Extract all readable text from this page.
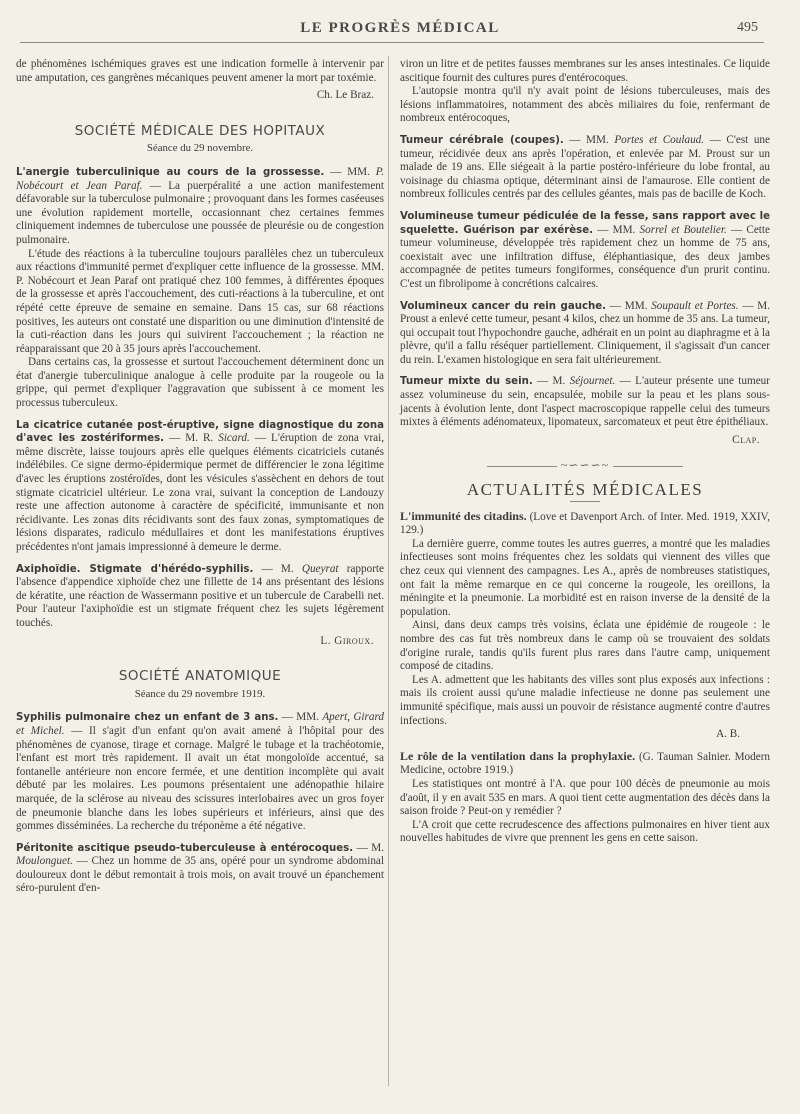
LE PROGRÈS MÉDICAL	495

de phénomènes ischémiques graves est une indication formelle à intervenir par une amputation, ces gangrènes mécaniques peuvent amener la mort par toxémie.

Ch. Le Braz.
SOCIÉTÉ MÉDICALE DES HOPITAUX
Séance du 29 novembre.

L'anergie tuberculinique au cours de la grossesse. — MM. P. Nobécourt et Jean Paraf. — La puerpéralité a une action manifestement défavorable sur la tuberculose pulmonaire ; provoquant dans les formes caséeuses une évolution rapidement mortelle, occasionnant chez certaines femmes cliniquement indemnes de tuberculose une poussée de pleurésie ou de congestion pulmonaire.

L'étude des réactions à la tuberculine toujours parallèles chez un tuberculeux aux réactions d'immunité permet d'expliquer cette influence de la grossesse. MM. P. Nobécourt et Jean Paraf ont pratiqué chez 100 femmes, à différentes époques de la grossesse et après l'accouchement, des cuti-réactions à la tuberculine, et ont répété cette épreuve de semaine en semaine. Dans 15 cas, sur 68 réactions positives, les auteurs ont constaté une disparition ou une diminution d'intensité de la cuti-réaction dans les jours qui suivirent l'accouchement ; la réaction ne réapparaissant que 20 à 35 jours après l'accouchement.

Dans certains cas, la grossesse et surtout l'accouchement déterminent donc un état d'anergie tuberculinique analogue à celle produite par la rougeole ou la grippe, qui permet d'expliquer l'aggravation que subissent à ce moment les processus tuberculeux.

La cicatrice cutanée post-éruptive, signe diagnostique du zona d'avec les zostériformes. — M. R. Sicard. — L'éruption de zona vrai, même discrète, laisse toujours après elle quelques éléments cicatriciels cutanés indélébiles. Ce signe dermo-épidermique permet de différencier le zona légitime d'avec les éruptions zostéroïdes, dont les vésicules s'assèchent en dehors de tout stigmate cicatriciel ultérieur. Le zona vrai, suivant la conception de Landouzy reste une affection autonome à caractère de spécificité, immunisante et non récidivante. Les zonas dits récidivants sont des faux zonas, symptomatiques de lésions disparates, radiculo médullaires et dont les manifestations éruptives précédentes n'ont jamais impressionné à demeure le derme.

Axiphoïdie. Stigmate d'hérédo-syphilis. — M. Queyrat rapporte l'absence d'appendice xiphoïde chez une fillette de 14 ans présentant des lésions de kératite, une réaction de Wassermann positive et un tubercule de Carabelli net. Pour l'auteur l'axiphoïdie est un stigmate fréquent chez les sujets légèrement touchés.

L. Giroux.
SOCIÉTÉ ANATOMIQUE
Séance du 29 novembre 1919.

Syphilis pulmonaire chez un enfant de 3 ans. — MM. Apert, Girard et Michel. — Il s'agit d'un enfant qu'on avait amené à l'hôpital pour des phénomènes de cyanose, tirage et cornage. Malgré le tubage et la trachéotomie, l'enfant est mort très rapidement. Il avait un état mongoloïde accentué, sa fontanelle antérieure non encore fermée, et une dentition incomplète qui avait débuté par les molaires. Les poumons présentaient une adénopathie hilaire marquée, de la sclérose au niveau des scissures interlobaires avec un gros foyer de pneumonie blanche dans les lobes supérieurs et inférieurs, ainsi que des gommes disséminées. La recherche du tréponème a été négative.

Péritonite ascitique pseudo-tuberculeuse à entérocoques. — M. Moulonguet. — Chez un homme de 35 ans, opéré pour un syndrome abdominal douloureux dont le début remontait à trois mois, on avait trouvé un épanchement séro-purulent d'en-

viron un litre et de petites fausses membranes sur les anses intestinales. Ce liquide ascitique fournit des cultures pures d'entérocoques.

L'autopsie montra qu'il n'y avait point de lésions tuberculeuses, mais des lésions inflammatoires, notamment des abcès miliaires du foie, renfermant de nombreux entérocoques,

Tumeur cérébrale (coupes). — MM. Portes et Coulaud. — C'est une tumeur, récidivée deux ans après l'opération, et enlevée par M. Proust sur un malade de 19 ans. Elle siégeait à la partie postéro-inférieure du lobe frontal, au voisinage du chiasma optique, déterminant ainsi de l'amaurose. Elle contient de nombreux follicules centrés par des cellules géantes, mais pas de bacille de Koch.

Volumineuse tumeur pédiculée de la fesse, sans rapport avec le squelette. Guérison par exérèse. — MM. Sorrel et Boutelier. — Cette tumeur volumineuse, développée très rapidement chez un homme de 75 ans, coexistait avec une infiltration diffuse, éléphantiasique, des deux jambes accompagnée de petites tumeurs fongiformes, conséquence d'un prurit continu. C'est un fibrolipome à concrétions calcaires.

Volumineux cancer du rein gauche. — MM. Soupault et Portes. — M. Proust a enlevé cette tumeur, pesant 4 kilos, chez un homme de 35 ans. La tumeur, qui occupait tout l'hypochondre gauche, adhérait en un point au diaphragme et à la plèvre, qu'il a fallu réséquer partiellement. Cliniquement, il s'agissait d'un cancer du rein. L'examen histologique en sera fait ultérieurement.

Tumeur mixte du sein. — M. Séjournet. — L'auteur présente une tumeur assez volumineuse du sein, encapsulée, mobile sur la peau et les plans sous-jacents à évolution lente, dont l'aspect macroscopique rappelle celui des tumeurs mixtes à éléments adénomateux, lipomateux, sarcomateux et peut être épithéliaux.

Clap.
~∽∽∽~
ACTUALITÉS MÉDICALES

L'immunité des citadins. (Love et Davenport Arch. of Inter. Med. 1919, XXIV, 129.)

La dernière guerre, comme toutes les autres guerres, a montré que les maladies infectieuses sont moins fréquentes chez les soldats qui viennent des villes que chez ceux qui viennent des campagnes. Les A., après de nombreuses statistiques, ont fait la même remarque en ce qui concerne la rougeole, les oreillons, la méningite et la pneumonie. La morbidité est en raison inverse de la densité de la population.

Ainsi, dans deux camps très voisins, éclata une épidémie de rougeole : le nombre des cas fut très nombreux dans le camp où se trouvaient des soldats d'origine rurale, tandis qu'ils furent plus rares dans l'autre camp, uniquement composé de citadins.

Les A. admettent que les habitants des villes sont plus exposés aux infections : mais ils croient aussi qu'une maladie infectieuse ne donne pas seulement une immunité spécifique, mais aussi un pouvoir de résistance augmenté contre d'autres infections.

A. B.

Le rôle de la ventilation dans la prophylaxie. (G. Tauman Salnier. Modern Medicine, octobre 1919.)

Les statistiques ont montré à l'A. que pour 100 décès de pneumonie au mois d'août, il y en avait 535 en mars. A quoi tient cette augmentation des décès dans la saison froide ? Peut-on y remédier ?

L'A croit que cette recrudescence des affections pulmonaires en hiver tient aux nouvelles habitudes de vivre que prennent les gens en cette saison.
